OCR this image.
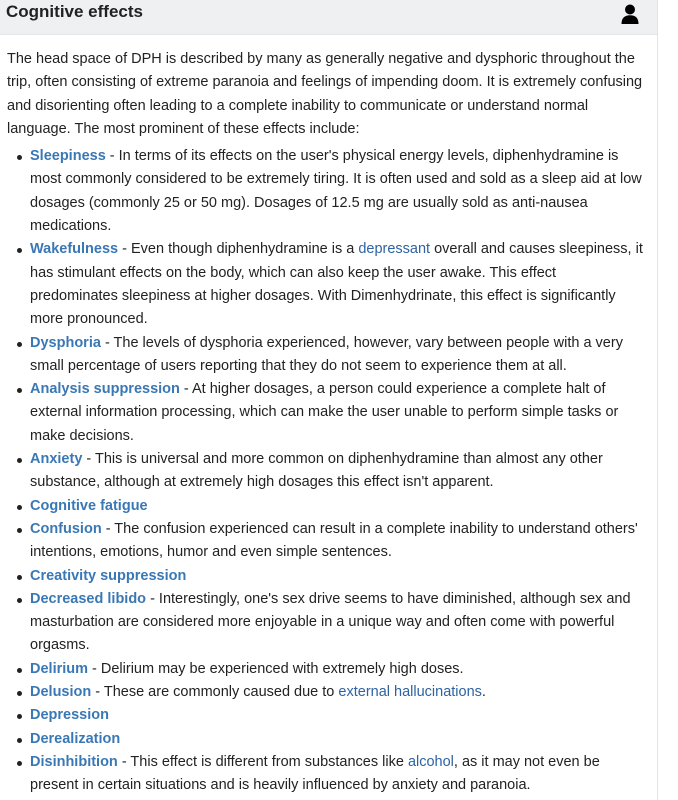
Cognitive effects

The head space of DPH is described by many as generally negative and dysphoric throughout the trip, often consisting of extreme paranoia and feelings of impending doom. It is extremely confusing and disorienting often leading to a complete inability to communicate or understand normal language. The most prominent of these effects include:

Sleepiness - In terms of its effects on the user's physical energy levels, diphenhydramine is most commonly considered to be extremely tiring. It is often used and sold as a sleep aid at low dosages (commonly 25 or 50 mg). Dosages of 12.5 mg are usually sold as anti-nausea medications.
Wakefulness - Even though diphenhydramine is a depressant overall and causes sleepiness, it has stimulant effects on the body, which can also keep the user awake. This effect predominates sleepiness at higher dosages. With Dimenhydrinate, this effect is significantly more pronounced.
Dysphoria - The levels of dysphoria experienced, however, vary between people with a very small percentage of users reporting that they do not seem to experience them at all.
Analysis suppression - At higher dosages, a person could experience a complete halt of external information processing, which can make the user unable to perform simple tasks or make decisions.
Anxiety - This is universal and more common on diphenhydramine than almost any other substance, although at extremely high dosages this effect isn't apparent.
Cognitive fatigue
Confusion - The confusion experienced can result in a complete inability to understand others' intentions, emotions, humor and even simple sentences.
Creativity suppression
Decreased libido - Interestingly, one's sex drive seems to have diminished, although sex and masturbation are considered more enjoyable in a unique way and often come with powerful orgasms.
Delirium - Delirium may be experienced with extremely high doses.
Delusion - These are commonly caused due to external hallucinations.
Depression
Derealization
Disinhibition - This effect is different from substances like alcohol, as it may not even be present in certain situations and is heavily influenced by anxiety and paranoia.
